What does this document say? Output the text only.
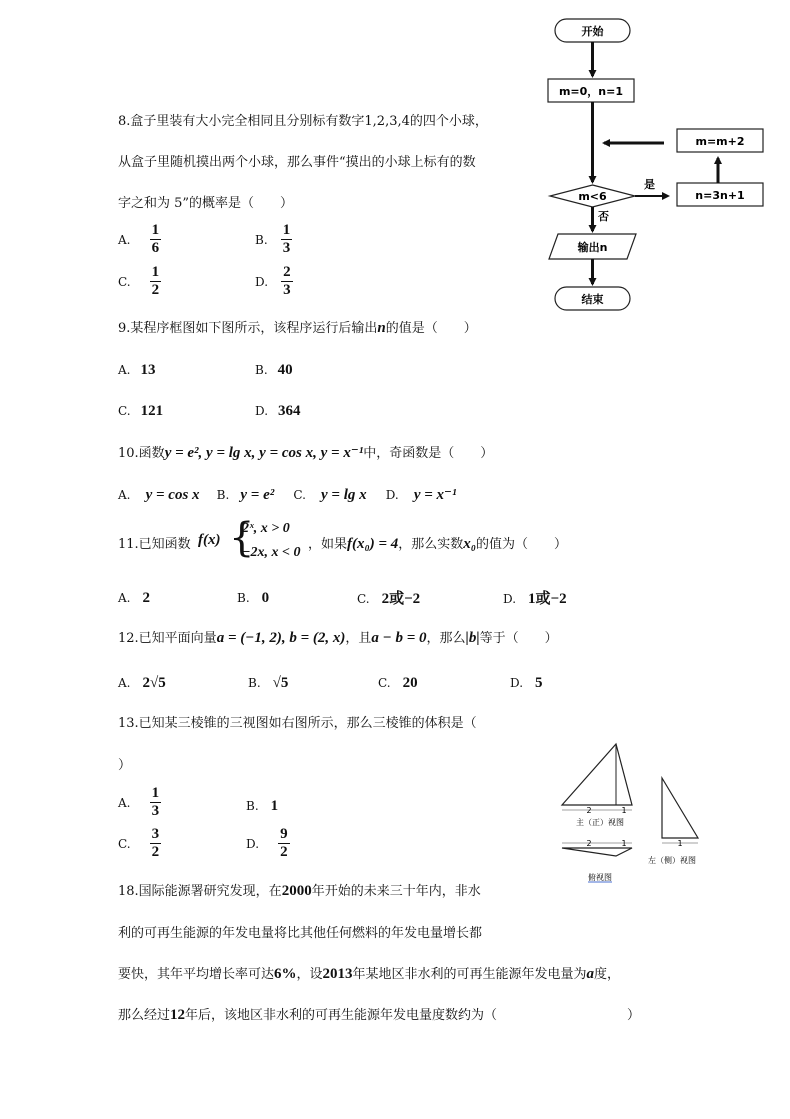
8.盒子里装有大小完全相同且分别标有数字1,2,3,4的四个小球，
从盒子里随机摸出两个小球，那么事件“摸出的小球上标有的数
字之和为 5”的概率是（　　）
A. $\frac{1}{6}$	B. $\frac{1}{3}$
C. $\frac{1}{2}$	D. $\frac{2}{3}$
9.某程序框图如下图所示，该程序运行后输出n的值是（　　）
A. 13	B. 40
C. 121	D. 364
10.函数y = e², y = lg x, y = cos x, y = x⁻¹中，奇函数是（　　）
A. y = cos x B. y = e² C. y = lg x D. y = x⁻¹
11.已知函数 f(x) {
2ˣ, x > 0
−2x, x < 0
，如果f(x₀) = 4，那么实数x₀的值为（　　）
A. 2	B. 0	C. 2或−2	D. 1或−2
12.已知平面向量a = (−1, 2), b = (2, x)，且a − b = 0，那么|b|等于（　　）
A. 2√5	B. √5	C. 20	D. 5
13.已知某三棱锥的三视图如右图所示，那么三棱锥的体积是（
）
A. $\frac{1}{3}$	B. 1
C. $\frac{3}{2}$	D. $\frac{9}{2}$
18.国际能源署研究发现，在2000年开始的未来三十年内，非水
利的可再生能源的年发电量将比其他任何燃料的年发电量增长都
要快，其年平均增长率可达6%，设2013年某地区非水利的可再生能源年发电量为a度，
那么经过12年后，该地区非水利的可再生能源年发电量度数约为（	）
开始
m=0，n=1
m<6
是
n=3n+1
m=m+2
否
输出n
结束
2	1
主（正）视图
1
左（侧）视图
2	1
俯视图
